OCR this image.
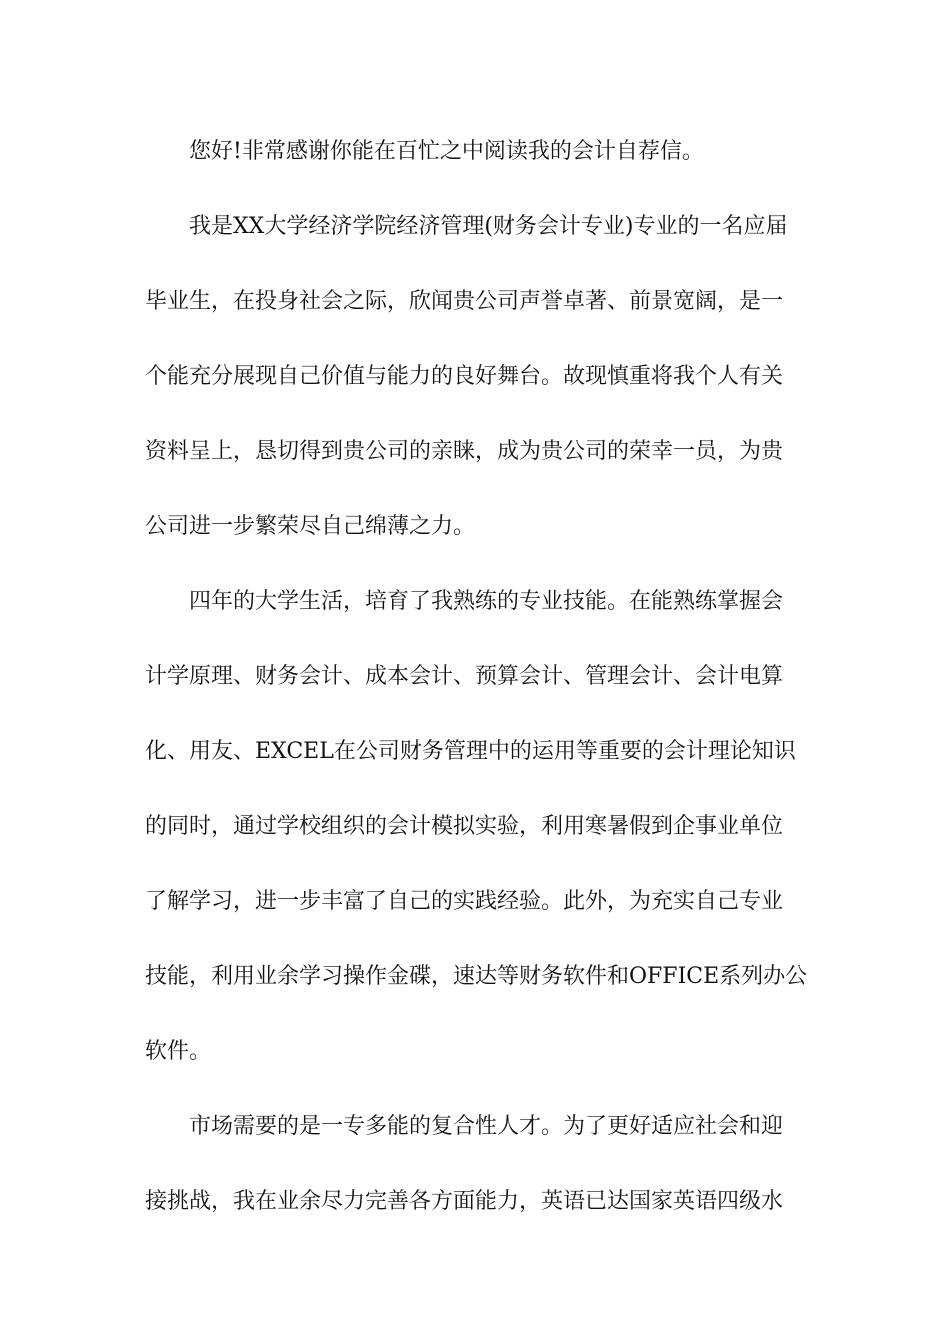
您好!非常感谢你能在百忙之中阅读我的会计自荐信。
我是XX大学经济学院经济管理(财务会计专业)专业的一名应届
毕业生，在投身社会之际，欣闻贵公司声誉卓著、前景宽阔，是一
个能充分展现自己价值与能力的良好舞台。故现慎重将我个人有关
资料呈上，恳切得到贵公司的亲睐，成为贵公司的荣幸一员，为贵
公司进一步繁荣尽自己绵薄之力。
四年的大学生活，培育了我熟练的专业技能。在能熟练掌握会
计学原理、财务会计、成本会计、预算会计、管理会计、会计电算
化、用友、EXCEL在公司财务管理中的运用等重要的会计理论知识
的同时，通过学校组织的会计模拟实验，利用寒暑假到企事业单位
了解学习，进一步丰富了自己的实践经验。此外，为充实自己专业
技能，利用业余学习操作金碟，速达等财务软件和OFFICE系列办公
软件。
市场需要的是一专多能的复合性人才。为了更好适应社会和迎
接挑战，我在业余尽力完善各方面能力，英语已达国家英语四级水
